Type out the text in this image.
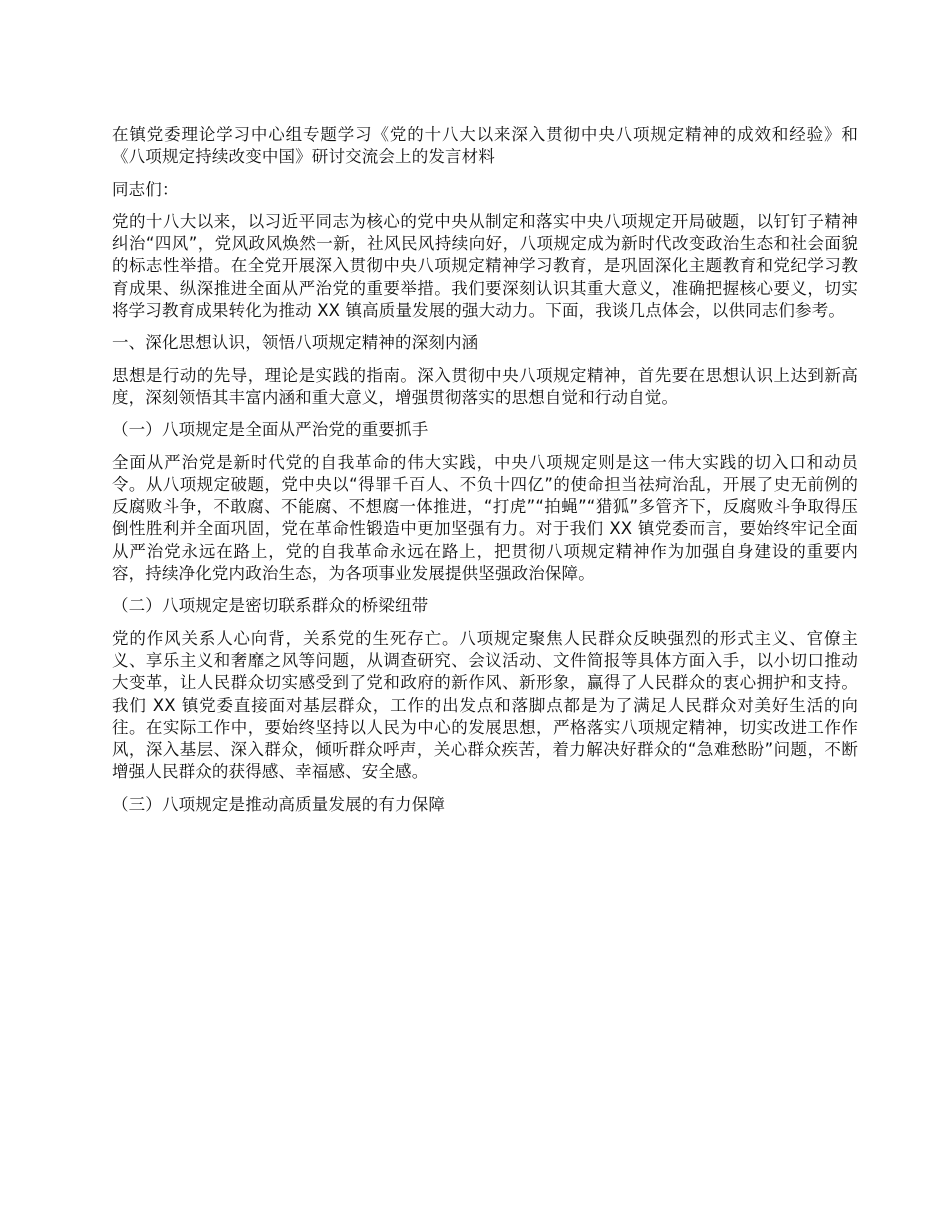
在镇党委理论学习中心组专题学习《党的十八大以来深入贯彻中央八项规定精神的成效和经验》和《八项规定持续改变中国》研讨交流会上的发言材料

同志们：

党的十八大以来，以习近平同志为核心的党中央从制定和落实中央八项规定开局破题，以钉钉子精神纠治“四风”，党风政风焕然一新，社风民风持续向好，八项规定成为新时代改变政治生态和社会面貌的标志性举措。在全党开展深入贯彻中央八项规定精神学习教育，是巩固深化主题教育和党纪学习教育成果、纵深推进全面从严治党的重要举措。我们要深刻认识其重大意义，准确把握核心要义，切实将学习教育成果转化为推动 XX 镇高质量发展的强大动力。下面，我谈几点体会，以供同志们参考。

一、深化思想认识，领悟八项规定精神的深刻内涵

思想是行动的先导，理论是实践的指南。深入贯彻中央八项规定精神，首先要在思想认识上达到新高度，深刻领悟其丰富内涵和重大意义，增强贯彻落实的思想自觉和行动自觉。

（一）八项规定是全面从严治党的重要抓手

全面从严治党是新时代党的自我革命的伟大实践，中央八项规定则是这一伟大实践的切入口和动员令。从八项规定破题，党中央以“得罪千百人、不负十四亿”的使命担当祛疴治乱，开展了史无前例的反腐败斗争，不敢腐、不能腐、不想腐一体推进，“打虎”“拍蝇”“猎狐”多管齐下，反腐败斗争取得压倒性胜利并全面巩固，党在革命性锻造中更加坚强有力。对于我们 XX 镇党委而言，要始终牢记全面从严治党永远在路上，党的自我革命永远在路上，把贯彻八项规定精神作为加强自身建设的重要内容，持续净化党内政治生态，为各项事业发展提供坚强政治保障。

（二）八项规定是密切联系群众的桥梁纽带

党的作风关系人心向背，关系党的生死存亡。八项规定聚焦人民群众反映强烈的形式主义、官僚主义、享乐主义和奢靡之风等问题，从调查研究、会议活动、文件简报等具体方面入手，以小切口推动大变革，让人民群众切实感受到了党和政府的新作风、新形象，赢得了人民群众的衷心拥护和支持。我们 XX 镇党委直接面对基层群众，工作的出发点和落脚点都是为了满足人民群众对美好生活的向往。在实际工作中，要始终坚持以人民为中心的发展思想，严格落实八项规定精神，切实改进工作作风，深入基层、深入群众，倾听群众呼声，关心群众疾苦，着力解决好群众的“急难愁盼”问题，不断增强人民群众的获得感、幸福感、安全感。

（三）八项规定是推动高质量发展的有力保障
